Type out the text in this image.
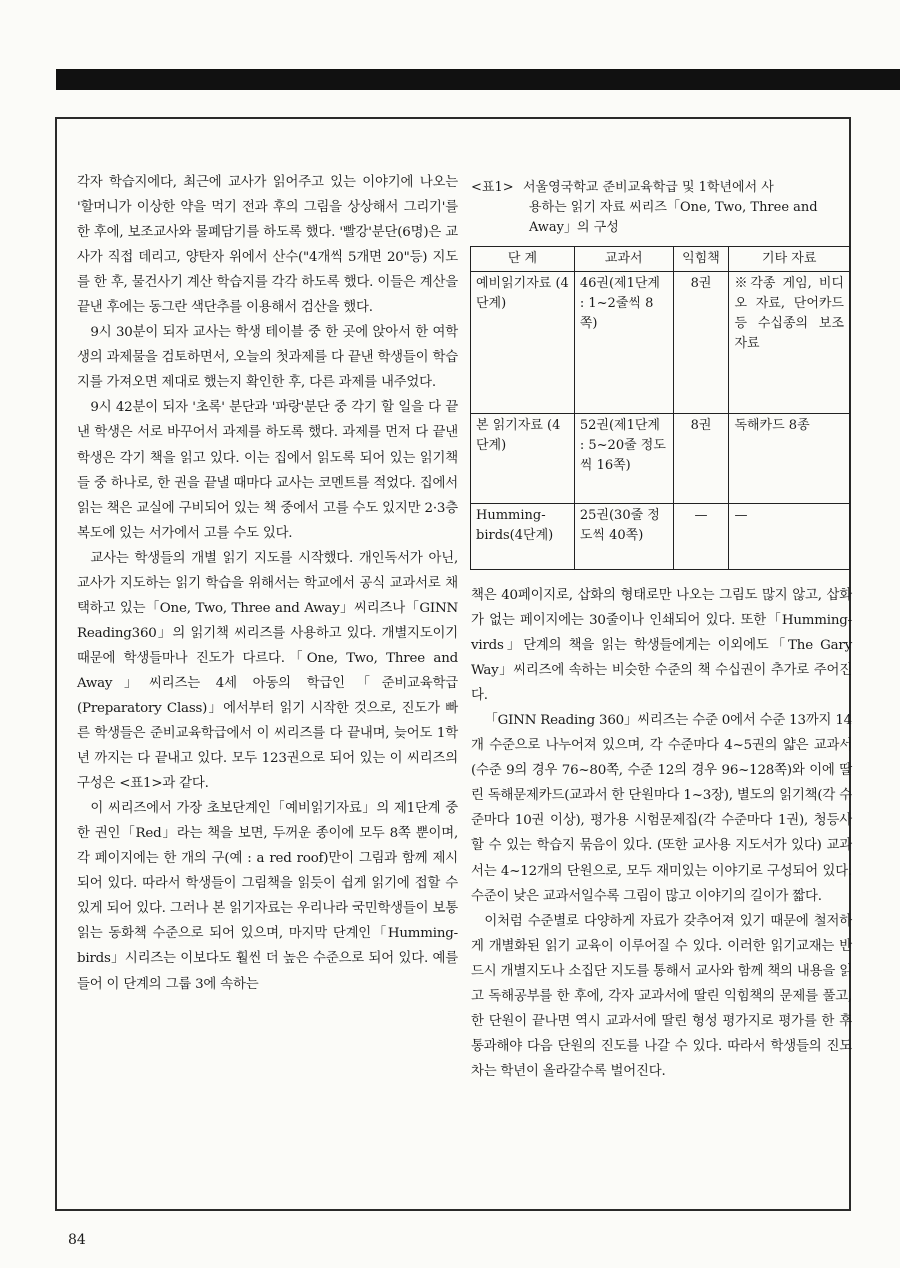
각자 학습지에다, 최근에 교사가 읽어주고 있는 이야기에 나오는 '할머니가 이상한 약을 먹기 전과 후의 그림을 상상해서 그리기'를 한 후에, 보조교사와 물폐담기를 하도록 했다. '빨강'분단(6명)은 교사가 직접 데리고, 양탄자 위에서 산수("4개씩 5개면 20"등) 지도를 한 후, 물건사기 계산 학습지를 각각 하도록 했다. 이들은 계산을 끝낸 후에는 동그란 색단추를 이용해서 검산을 했다.

9시 30분이 되자 교사는 학생 테이블 중 한 곳에 앉아서 한 여학생의 과제물을 검토하면서, 오늘의 첫과제를 다 끝낸 학생들이 학습지를 가져오면 제대로 했는지 확인한 후, 다른 과제를 내주었다.

9시 42분이 되자 '초록' 분단과 '파랑'분단 중 각기 할 일을 다 끝낸 학생은 서로 바꾸어서 과제를 하도록 했다. 과제를 먼저 다 끝낸 학생은 각기 책을 읽고 있다. 이는 집에서 읽도록 되어 있는 읽기책들 중 하나로, 한 권을 끝낼 때마다 교사는 코멘트를 적었다. 집에서 읽는 책은 교실에 구비되어 있는 책 중에서 고를 수도 있지만 2·3층 복도에 있는 서가에서 고를 수도 있다.

교사는 학생들의 개별 읽기 지도를 시작했다. 개인독서가 아닌, 교사가 지도하는 읽기 학습을 위해서는 학교에서 공식 교과서로 채택하고 있는「One, Two, Three and Away」씨리즈나「GINN Reading360」의 읽기책 씨리즈를 사용하고 있다. 개별지도이기 때문에 학생들마나 진도가 다르다.「One, Two, Three and Away」씨리즈는 4세 아동의 학급인「준비교육학급(Preparatory Class)」에서부터 읽기 시작한 것으로, 진도가 빠른 학생들은 준비교육학급에서 이 씨리즈를 다 끝내며, 늦어도 1학년 까지는 다 끝내고 있다. 모두 123권으로 되어 있는 이 씨리즈의 구성은 <표1>과 같다.

이 씨리즈에서 가장 초보단계인「예비읽기자료」의 제1단계 중 한 권인「Red」라는 책을 보면, 두꺼운 종이에 모두 8쪽 뿐이며, 각 페이지에는 한 개의 구(예 : a red roof)만이 그림과 함께 제시되어 있다. 따라서 학생들이 그림책을 읽듯이 쉽게 읽기에 접할 수 있게 되어 있다. 그러나 본 읽기자료는 우리나라 국민학생들이 보통 읽는 동화책 수준으로 되어 있으며, 마지막 단계인「Humming-birds」시리즈는 이보다도 훨씬 더 높은 수준으로 되어 있다. 예를 들어 이 단계의 그룹 3에 속하는

<표1> 서울영국학교 준비교육학급 및 1학년에서 사
용하는 읽기 자료 씨리즈「One, Two, Three and Away」의 구성
단 계	교과서	익힘책	기타 자료
예비읽기자료 (4단계)	46권(제1단계 : 1~2줄씩 8쪽)	8권	※각종 게임, 비디오 자료, 단어카드 등 수십종의 보조 자료
본 읽기자료 (4단계)	52권(제1단계 : 5~20줄 정도씩 16쪽)	8권	독해카드 8종
Humming-birds(4단계)	25권(30줄 정도씩 40쪽)	—	—

책은 40페이지로, 삽화의 형태로만 나오는 그림도 많지 않고, 삽화가 없는 페이지에는 30줄이나 인쇄되어 있다. 또한「Humming-virds」단계의 책을 읽는 학생들에게는 이외에도「The Gary Way」씨리즈에 속하는 비슷한 수준의 책 수십권이 추가로 주어진다.

「GINN Reading 360」씨리즈는 수준 0에서 수준 13까지 14개 수준으로 나누어져 있으며, 각 수준마다 4~5권의 얇은 교과서(수준 9의 경우 76~80쪽, 수준 12의 경우 96~128쪽)와 이에 딸린 독해문제카드(교과서 한 단원마다 1~3장), 별도의 읽기책(각 수준마다 10권 이상), 평가용 시험문제집(각 수준마다 1권), 청등사 할 수 있는 학습지 묶음이 있다. (또한 교사용 지도서가 있다) 교과서는 4~12개의 단원으로, 모두 재미있는 이야기로 구성되어 있다. 수준이 낮은 교과서일수록 그림이 많고 이야기의 길이가 짧다.

이처럼 수준별로 다양하게 자료가 갖추어져 있기 때문에 철저하게 개별화된 읽기 교육이 이루어질 수 있다. 이러한 읽기교재는 반드시 개별지도나 소집단 지도를 통해서 교사와 함께 책의 내용을 읽고 독해공부를 한 후에, 각자 교과서에 딸린 익힘책의 문제를 풀고, 한 단원이 끝나면 역시 교과서에 딸린 형성 평가지로 평가를 한 후 통과해야 다음 단원의 진도를 나갈 수 있다. 따라서 학생들의 진도차는 학년이 올라갈수록 벌어진다.

84
